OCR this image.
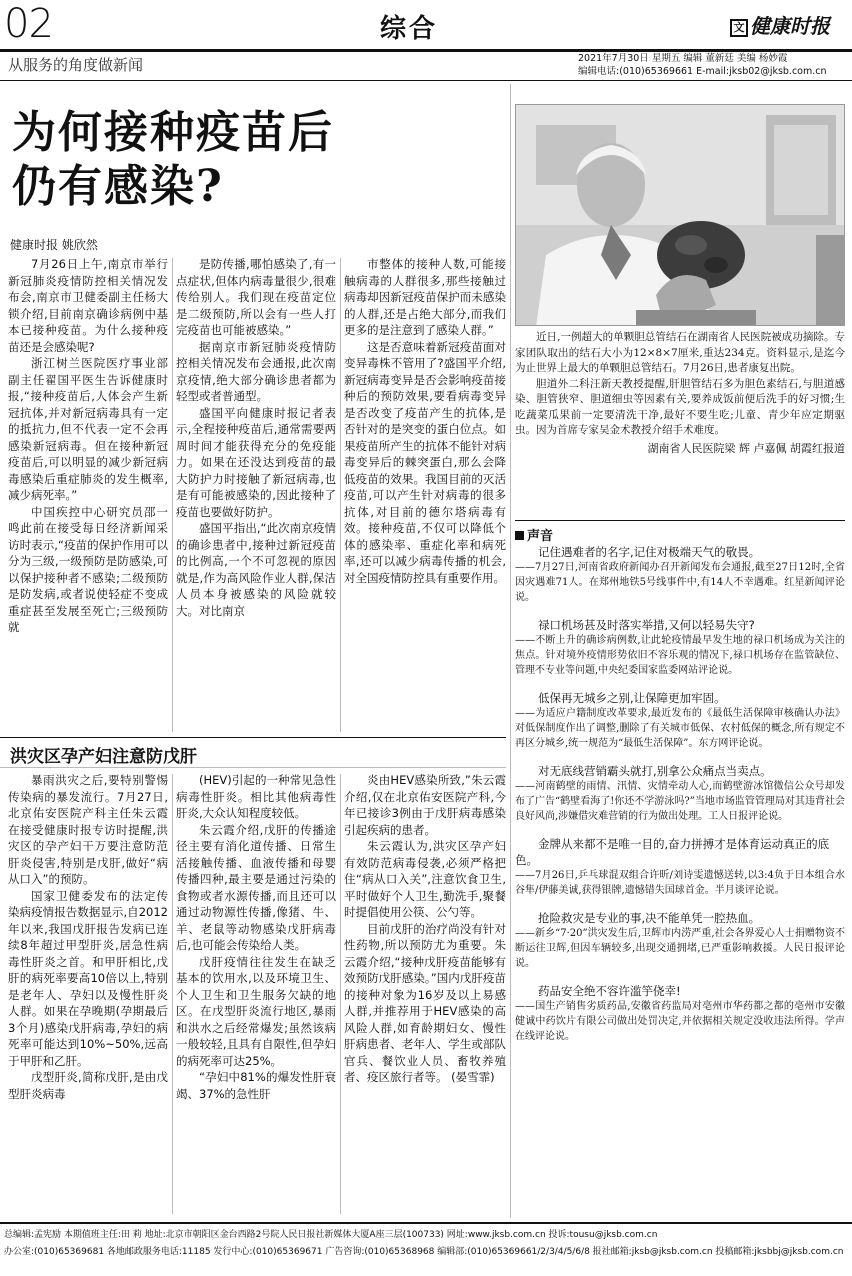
02	综合	文 健康时报
从服务的角度做新闻	2021年7月30日 星期五 编辑 董新廷 美编 杨妙霞
编辑电话:(010)65369661 E-mail:jksb02@jksb.com.cn
为何接种疫苗后
仍有感染?
健康时报 姚欣然

7月26日上午,南京市举行新冠肺炎疫情防控相关情况发布会,南京市卫健委副主任杨大锁介绍,目前南京确诊病例中基本已接种疫苗。为什么接种疫苗还是会感染呢?

浙江树兰医院医疗事业部副主任翟国平医生告诉健康时报,“接种疫苗后,人体会产生新冠抗体,并对新冠病毒具有一定的抵抗力,但不代表一定不会再感染新冠病毒。但在接种新冠疫苗后,可以明显的减少新冠病毒感染后重症肺炎的发生概率,减少病死率。”

中国疾控中心研究员邵一鸣此前在接受每日经济新闻采访时表示,“疫苗的保护作用可以分为三级,一级预防是防感染,可以保护接种者不感染;二级预防是防发病,或者说使轻症不变成重症甚至发展至死亡;三级预防就

是防传播,哪怕感染了,有一点症状,但体内病毒量很少,很难传给别人。我们现在疫苗定位是二级预防,所以会有一些人打完疫苗也可能被感染。”

据南京市新冠肺炎疫情防控相关情况发布会通报,此次南京疫情,绝大部分确诊患者都为轻型或者普通型。

盛国平向健康时报记者表示,全程接种疫苗后,通常需要两周时间才能获得充分的免疫能力。如果在还没达到疫苗的最大防护力时接触了新冠病毒,也是有可能被感染的,因此接种了疫苗也要做好防护。

盛国平指出,“此次南京疫情的确诊患者中,接种过新冠疫苗的比例高,一个不可忽视的原因就是,作为高风险作业人群,保洁人员本身被感染的风险就较大。对比南京

市整体的接种人数,可能接触病毒的人群很多,那些接触过病毒却因新冠疫苗保护而未感染的人群,还是占绝大部分,而我们更多的是注意到了感染人群。”

这是否意味着新冠疫苗面对变异毒株不管用了?盛国平介绍,新冠病毒变异是否会影响疫苗接种后的预防效果,要看病毒变异是否改变了疫苗产生的抗体,是否针对的是突变的蛋白位点。如果疫苗所产生的抗体不能针对病毒变异后的棘突蛋白,那么会降低疫苗的效果。我国目前的灭活疫苗,可以产生针对病毒的很多抗体,对目前的德尔塔病毒有效。接种疫苗,不仅可以降低个体的感染率、重症化率和病死率,还可以减少病毒传播的机会,对全国疫情防控具有重要作用。

近日,一例超大的单颗胆总管结石在湖南省人民医院被成功摘除。专家团队取出的结石大小为12×8×7厘米,重达234克。资料显示,是迄今为止世界上最大的单颗胆总管结石。7月26日,患者康复出院。

胆道外二科汪新天教授提醒,肝胆管结石多为胆色素结石,与胆道感染、胆管狭窄、胆道细虫等因素有关,要养成饭前便后洗手的好习惯;生吃蔬菜瓜果前一定要清洗干净,最好不要生吃;儿童、青少年应定期驱虫。因为首席专家吴金术教授介绍手术难度。

湖南省人民医院梁 辉 卢嘉佩 胡霞红报道

声音
记住遇难者的名字,记住对极端天气的敬畏。
——7月27日,河南省政府新闻办召开新闻发布会通报,截至27日12时,全省因灾遇难71人。在郑州地铁5号线事件中,有14人不幸遇难。红星新闻评论说。
禄口机场甚及时落实举措,又何以轻易失守?
——不断上升的确诊病例数,让此轮疫情最早发生地的禄口机场成为关注的焦点。针对境外疫情形势依旧不容乐观的情况下,禄口机场存在监管缺位、管理不专业等问题,中央纪委国家监委网站评论说。
低保再无城乡之别,让保障更加牢固。
——为适应户籍制度改革要求,最近发布的《最低生活保障审核确认办法》对低保制度作出了调整,删除了有关城市低保、农村低保的概念,所有规定不再区分城乡,统一规范为“最低生活保障”。东方网评论说。
对无底线营销霸头就打,别拿公众痛点当卖点。
——河南鹤壁的雨情、汛情、灾情牵动人心,而鹤壁游冰馆微信公众号却发布了广告“鹤壁看海了!你还不学游泳吗?”当地市场监管管理局对其违背社会良好风尚,涉嫌借灾难营销的行为做出处理。工人日报评论说。
金牌从来都不是唯一目的,奋力拼搏才是体育运动真正的底色。
——7月26日,乒乓球混双组合许昕/刘诗雯遗憾送转,以3:4负于日本组合水谷隼/伊藤美诚,获得银牌,遗憾错失国球首金。半月谈评论说。
抢险救灾是专业的事,决不能单凭一腔热血。
——新乡“7·20”洪灾发生后,卫辉市内涝严重,社会各界爱心人士捐赠物资不断运往卫辉,但因车辆较多,出现交通拥堵,已严重影响救援。人民日报评论说。
药品安全绝不容许滥竽侥幸!
——国生产销售劣质药品,安徽省药监局对亳州市华药都之都的亳州市安徽健诚中药饮片有限公司做出处罚决定,并依据相关规定没收违法所得。学声在线评论说。
洪灾区孕产妇注意防戊肝

暴雨洪灾之后,要特别警惕传染病的暴发流行。7月27日,北京佑安医院产科主任朱云霞在接受健康时报专访时提醒,洪灾区的孕产妇干万要注意防范肝炎侵害,特别是戊肝,做好“病从口入”的预防。

国家卫健委发布的法定传染病疫情报告数据显示,自2012年以来,我国戊肝报告发病已连续8年超过甲型肝炎,居急性病毒性肝炎之首。和甲肝相比,戊肝的病死率要高10倍以上,特别是老年人、孕妇以及慢性肝炎人群。如果在孕晚期(孕期最后3个月)感染戊肝病毒,孕妇的病死率可能达到10%~50%,远高于甲肝和乙肝。

戊型肝炎,简称戊肝,是由戊型肝炎病毒

(HEV)引起的一种常见急性病毒性肝炎。相比其他病毒性肝炎,大众认知程度较低。

朱云霞介绍,戊肝的传播途径主要有消化道传播、日常生活接触传播、血液传播和母婴传播四种,最主要是通过污染的食物或者水源传播,而且还可以通过动物源性传播,像猪、牛、羊、老鼠等动物感染戊肝病毒后,也可能会传染给人类。

戊肝疫情往往发生在缺乏基本的饮用水,以及环境卫生、个人卫生和卫生服务欠缺的地区。在戊型肝炎流行地区,暴雨和洪水之后经常爆发;虽然该病一般较轻,且具有自限性,但孕妇的病死率可达25%。

“孕妇中81%的爆发性肝衰竭、37%的急性肝

炎由HEV感染所致,”朱云霞介绍,仅在北京佑安医院产科,今年已接诊3例由于戊肝病毒感染引起疾病的患者。

朱云霞认为,洪灾区孕产妇有效防范病毒侵袭,必须严格把住“病从口入关”,注意饮食卫生,平时做好个人卫生,勤洗手,聚餐时提倡使用公筷、公勺等。

目前戊肝的治疗尚没有针对性药物,所以预防尤为重要。朱云霞介绍,“接种戊肝疫苗能够有效预防戊肝感染。”国内戊肝疫苗的接种对象为16岁及以上易感人群,并推荐用于HEV感染的高风险人群,如育龄期妇女、慢性肝病患者、老年人、学生或部队官兵、餐饮业人员、畜牧养殖者、疫区旅行者等。 (晏雪霏)

总编辑:孟宪励 本期值班主任:田 莉 地址:北京市朝阳区金台西路2号院人民日报社新媒体大厦A座三层(100733) 网址:www.jksb.com.cn 投诉:tousu@jksb.com.cn
办公室:(010)65369681 各地邮政服务电话:11185 发行中心:(010)65369671 广告咨询:(010)65368968 编辑部:(010)65369661/2/3/4/5/6/8 报社邮箱:jksb@jksb.com.cn 投稿邮箱:jksbbj@jksb.com.cn
